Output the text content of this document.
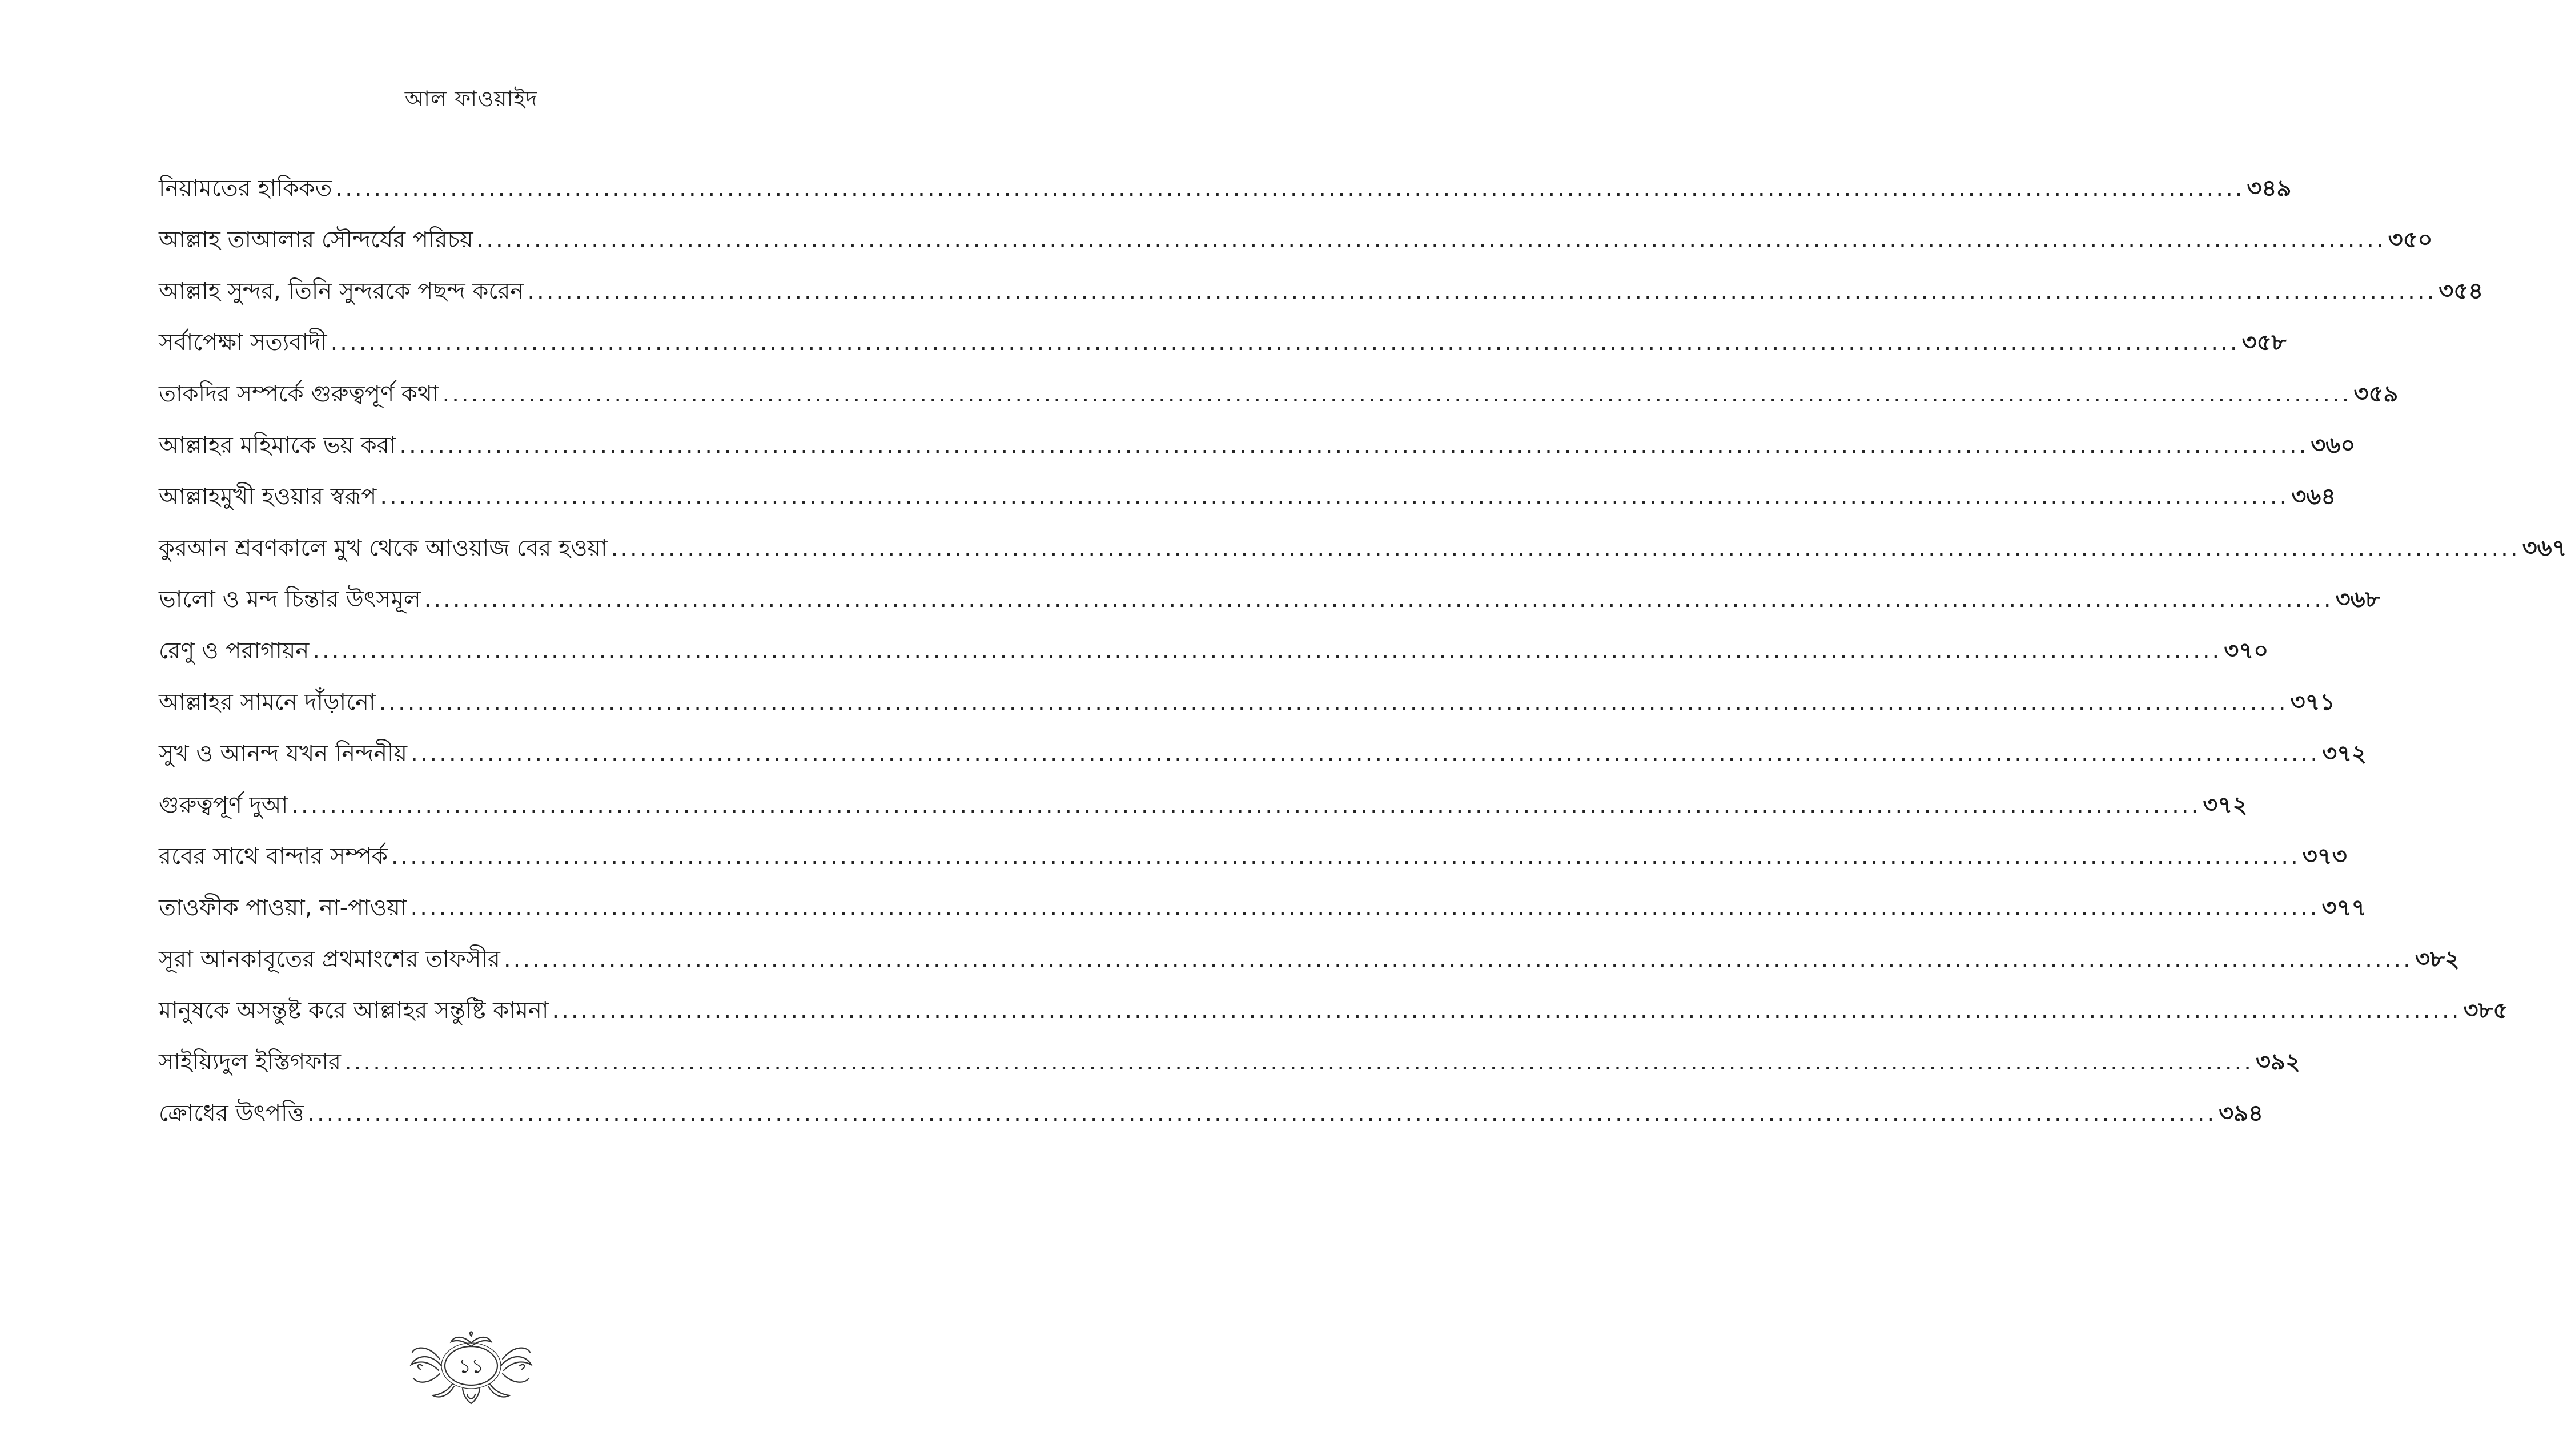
আল ফাওয়াইদ
নিয়ামতের হাকিকত ........................................................................................................................................................................................................ ৩৪৯
আল্লাহ তাআলার সৌন্দর্যের পরিচয় ........................................................................................................................................................................................................ ৩৫০
আল্লাহ সুন্দর, তিনি সুন্দরকে পছন্দ করেন ........................................................................................................................................................................................................ ৩৫৪
সর্বাপেক্ষা সত্যবাদী ........................................................................................................................................................................................................ ৩৫৮
তাকদির সম্পর্কে গুরুত্বপূর্ণ কথা ........................................................................................................................................................................................................ ৩৫৯
আল্লাহর মহিমাকে ভয় করা ........................................................................................................................................................................................................ ৩৬০
আল্লাহমুখী হওয়ার স্বরূপ ........................................................................................................................................................................................................ ৩৬৪
কুরআন শ্রবণকালে মুখ থেকে আওয়াজ বের হওয়া ........................................................................................................................................................................................................ ৩৬৭
ভালো ও মন্দ চিন্তার উৎসমূল ........................................................................................................................................................................................................ ৩৬৮
রেণু ও পরাগায়ন ........................................................................................................................................................................................................ ৩৭০
আল্লাহর সামনে দাঁড়ানো ........................................................................................................................................................................................................ ৩৭১
সুখ ও আনন্দ যখন নিন্দনীয় ........................................................................................................................................................................................................ ৩৭২
গুরুত্বপূর্ণ দুআ ........................................................................................................................................................................................................ ৩৭২
রবের সাথে বান্দার সম্পর্ক ........................................................................................................................................................................................................ ৩৭৩
তাওফীক পাওয়া, না-পাওয়া ........................................................................................................................................................................................................ ৩৭৭
সূরা আনকাবূতের প্রথমাংশের তাফসীর ........................................................................................................................................................................................................ ৩৮২
মানুষকে অসন্তুষ্ট করে আল্লাহর সন্তুষ্টি কামনা ........................................................................................................................................................................................................ ৩৮৫
সাইয়্যিদুল ইস্তিগফার ........................................................................................................................................................................................................ ৩৯২
ক্রোধের উৎপত্তি ........................................................................................................................................................................................................ ৩৯৪
১১
